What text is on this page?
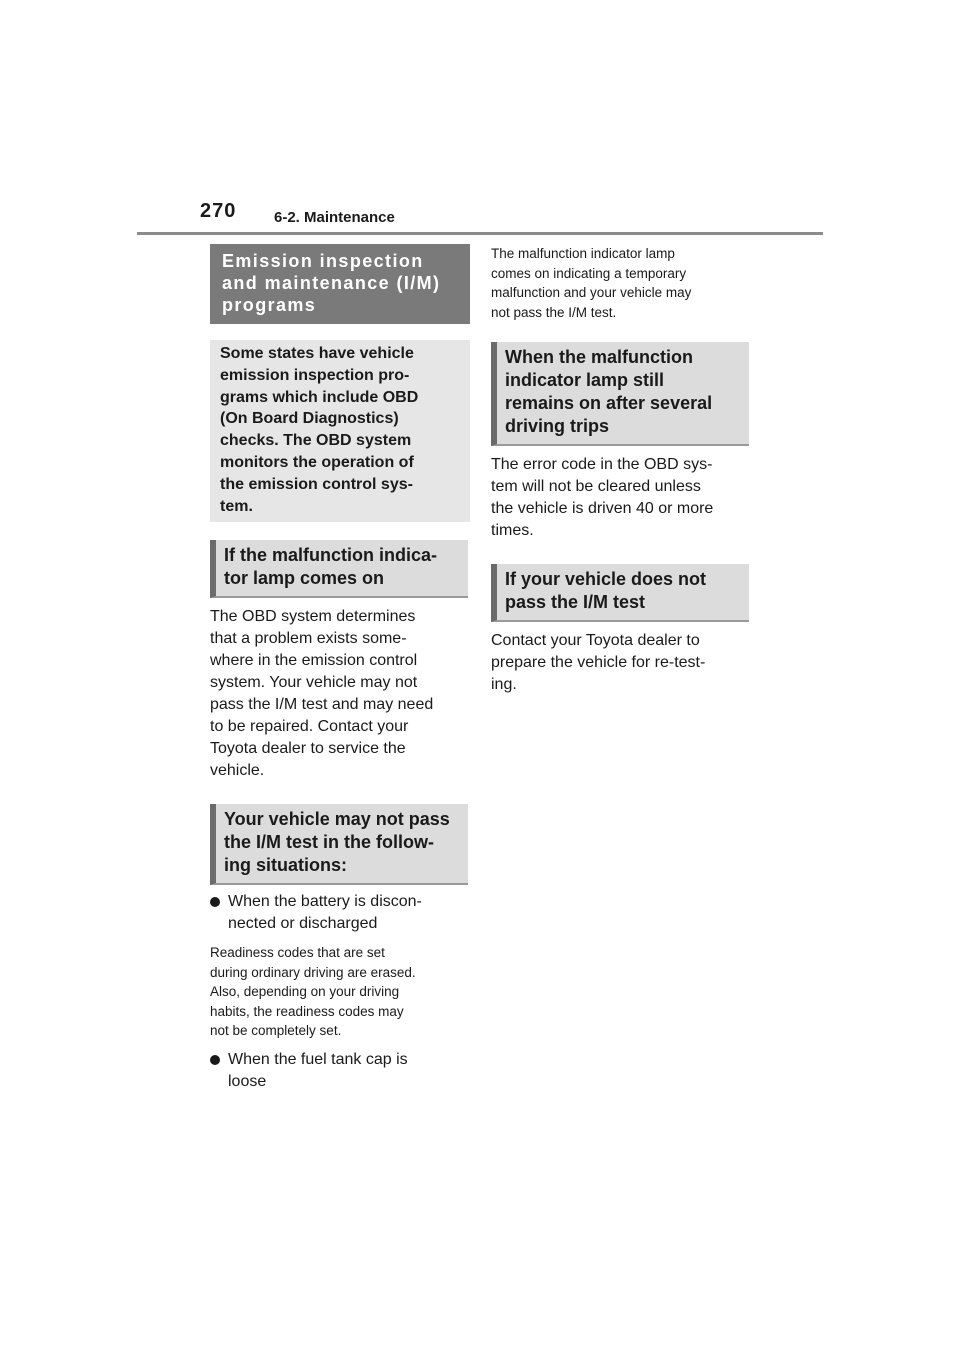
270	6-2. Maintenance
Emission inspection
and maintenance (I/M)
programs
Some states have vehicle
emission inspection pro-
grams which include OBD
(On Board Diagnostics)
checks. The OBD system
monitors the operation of
the emission control sys-
tem.
If the malfunction indica-
tor lamp comes on
The OBD system determines
that a problem exists some-
where in the emission control
system. Your vehicle may not
pass the I/M test and may need
to be repaired. Contact your
Toyota dealer to service the
vehicle.
Your vehicle may not pass
the I/M test in the follow-
ing situations:
When the battery is discon-
nected or discharged
Readiness codes that are set
during ordinary driving are erased.
Also, depending on your driving
habits, the readiness codes may
not be completely set.
When the fuel tank cap is
loose
The malfunction indicator lamp
comes on indicating a temporary
malfunction and your vehicle may
not pass the I/M test.
When the malfunction
indicator lamp still
remains on after several
driving trips
The error code in the OBD sys-
tem will not be cleared unless
the vehicle is driven 40 or more
times.
If your vehicle does not
pass the I/M test
Contact your Toyota dealer to
prepare the vehicle for re-test-
ing.
